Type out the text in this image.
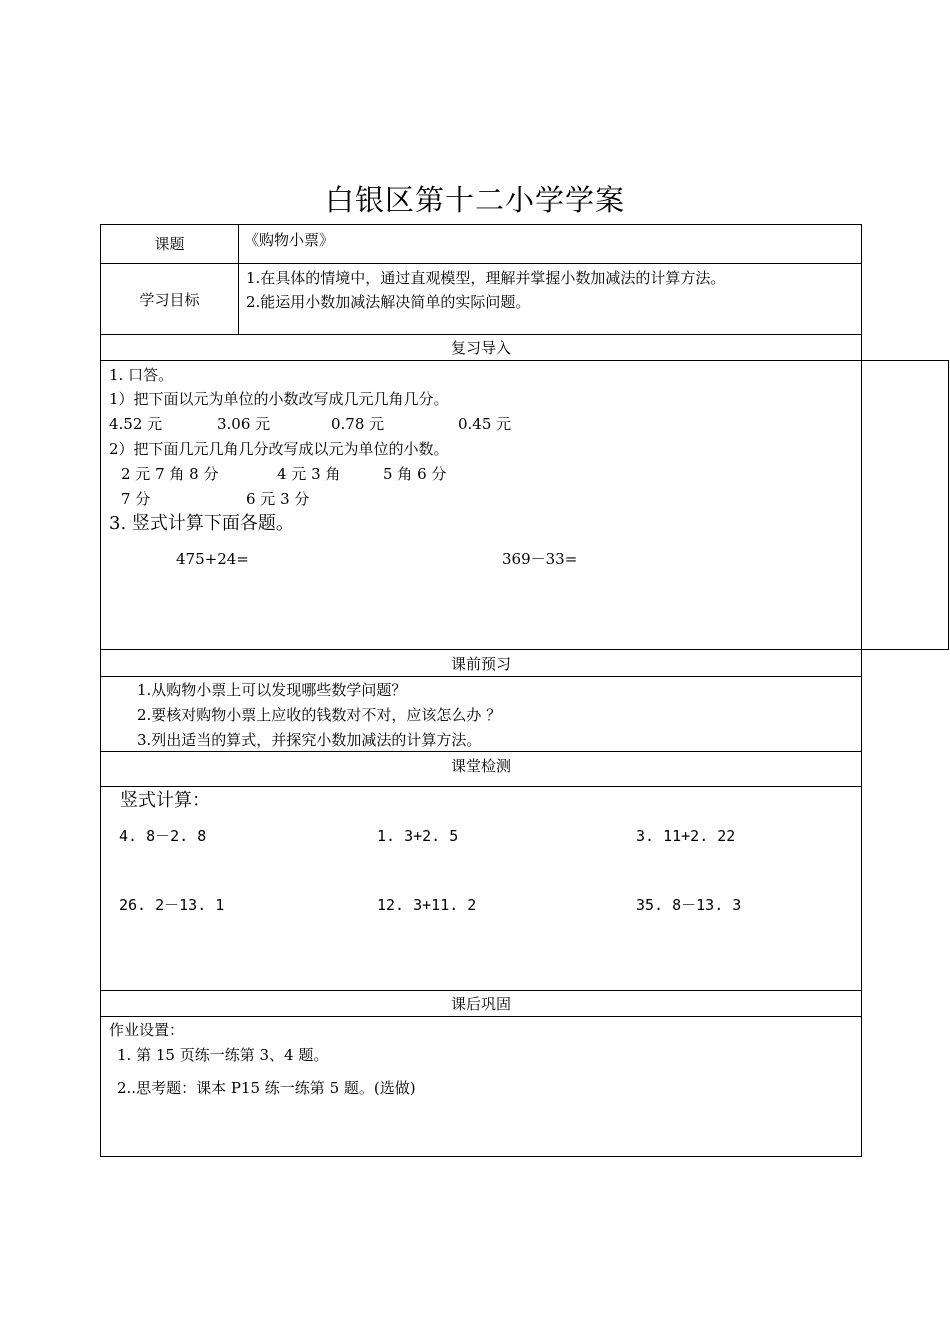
白银区第十二小学学案
课题	《购物小票》
学习目标
1.在具体的情境中，通过直观模型，理解并掌握小数加减法的计算方法。
2.能运用小数加减法解决简单的实际问题。
复习导入
1. 口答。
1）把下面以元为单位的小数改写成几元几角几分。
4.52 元	3.06 元	0.78 元	0.45 元
2）把下面几元几角几分改写成以元为单位的小数。
2 元 7 角 8 分	4 元 3 角	5 角 6 分
7 分	6 元 3 分
3. 竖式计算下面各题。
475+24=	369－33=
课前预习
1.从购物小票上可以发现哪些数学问题？
2.要核对购物小票上应收的钱数对不对，应该怎么办 ？
3.列出适当的算式，并探究小数加减法的计算方法。
课堂检测
竖式计算：
4. 8－2. 8	1. 3+2. 5	3. 11+2. 22
26. 2－13. 1	12. 3+11. 2	35. 8－13. 3
课后巩固
作业设置：
1. 第 15 页练一练第 3、4 题。
2..思考题：课本 P15 练一练第 5 题。(选做)
